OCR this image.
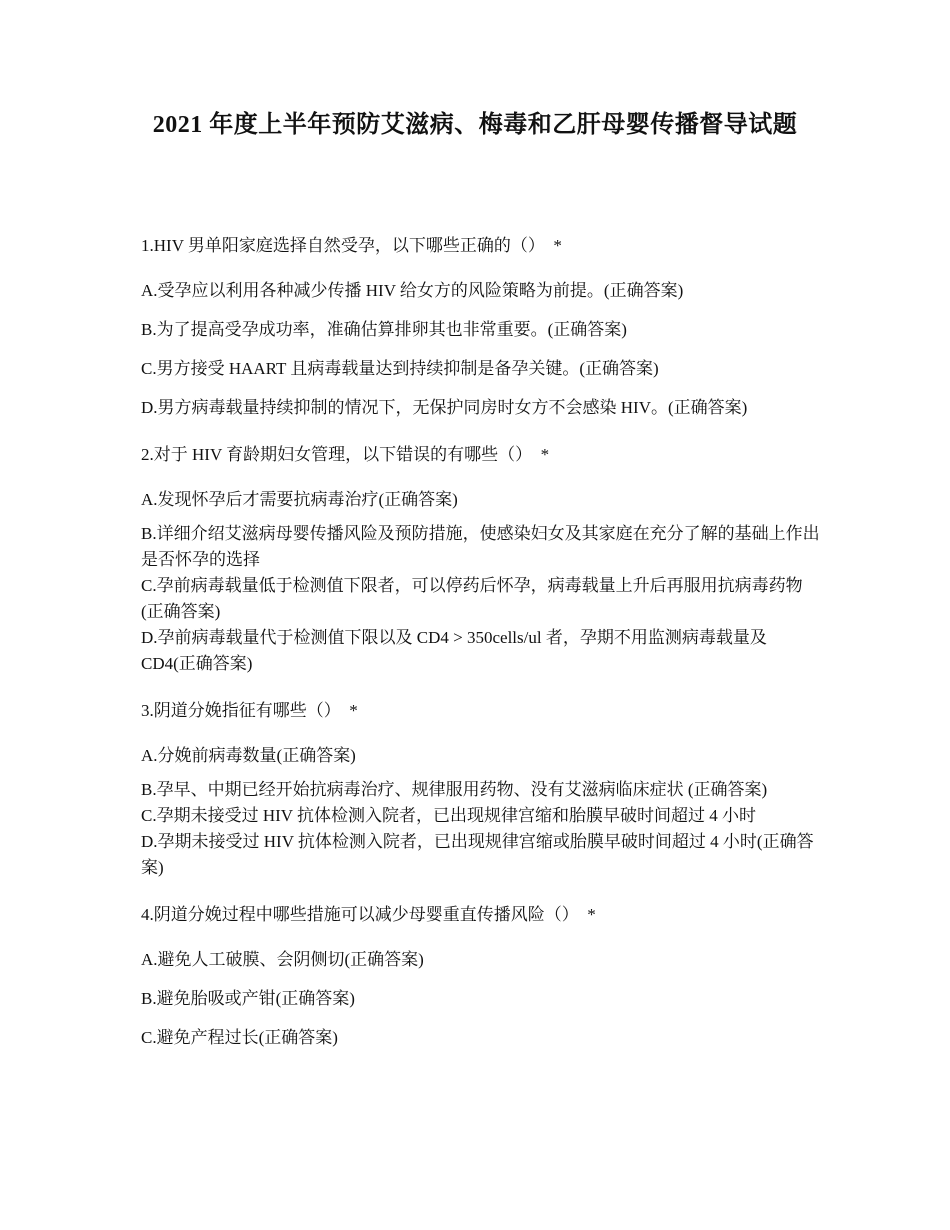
2021 年度上半年预防艾滋病、梅毒和乙肝母婴传播督导试题
1.HIV 男单阳家庭选择自然受孕，以下哪些正确的（）  *
A.受孕应以利用各种减少传播 HIV 给女方的风险策略为前提。(正确答案)
B.为了提高受孕成功率，准确估算排卵其也非常重要。(正确答案)
C.男方接受 HAART 且病毒载量达到持续抑制是备孕关键。(正确答案)
D.男方病毒载量持续抑制的情况下，无保护同房时女方不会感染 HIV。(正确答案)
2.对于 HIV 育龄期妇女管理，以下错误的有哪些（）  *
A.发现怀孕后才需要抗病毒治疗(正确答案)
B.详细介绍艾滋病母婴传播风险及预防措施，使感染妇女及其家庭在充分了解的基础上作出是否怀孕的选择
C.孕前病毒载量低于检测值下限者，可以停药后怀孕，病毒载量上升后再服用抗病毒药物(正确答案)
D.孕前病毒载量代于检测值下限以及 CD4 > 350cells/ul 者，孕期不用监测病毒载量及 CD4(正确答案)
3.阴道分娩指征有哪些（）  *
A.分娩前病毒数量(正确答案)
B.孕早、中期已经开始抗病毒治疗、规律服用药物、没有艾滋病临床症状 (正确答案)
C.孕期未接受过 HIV 抗体检测入院者，已出现规律宫缩和胎膜早破时间超过 4 小时
D.孕期未接受过 HIV 抗体检测入院者，已出现规律宫缩或胎膜早破时间超过 4 小时(正确答案)
4.阴道分娩过程中哪些措施可以减少母婴重直传播风险（）  *
A.避免人工破膜、会阴侧切(正确答案)
B.避免胎吸或产钳(正确答案)
C.避免产程过长(正确答案)
